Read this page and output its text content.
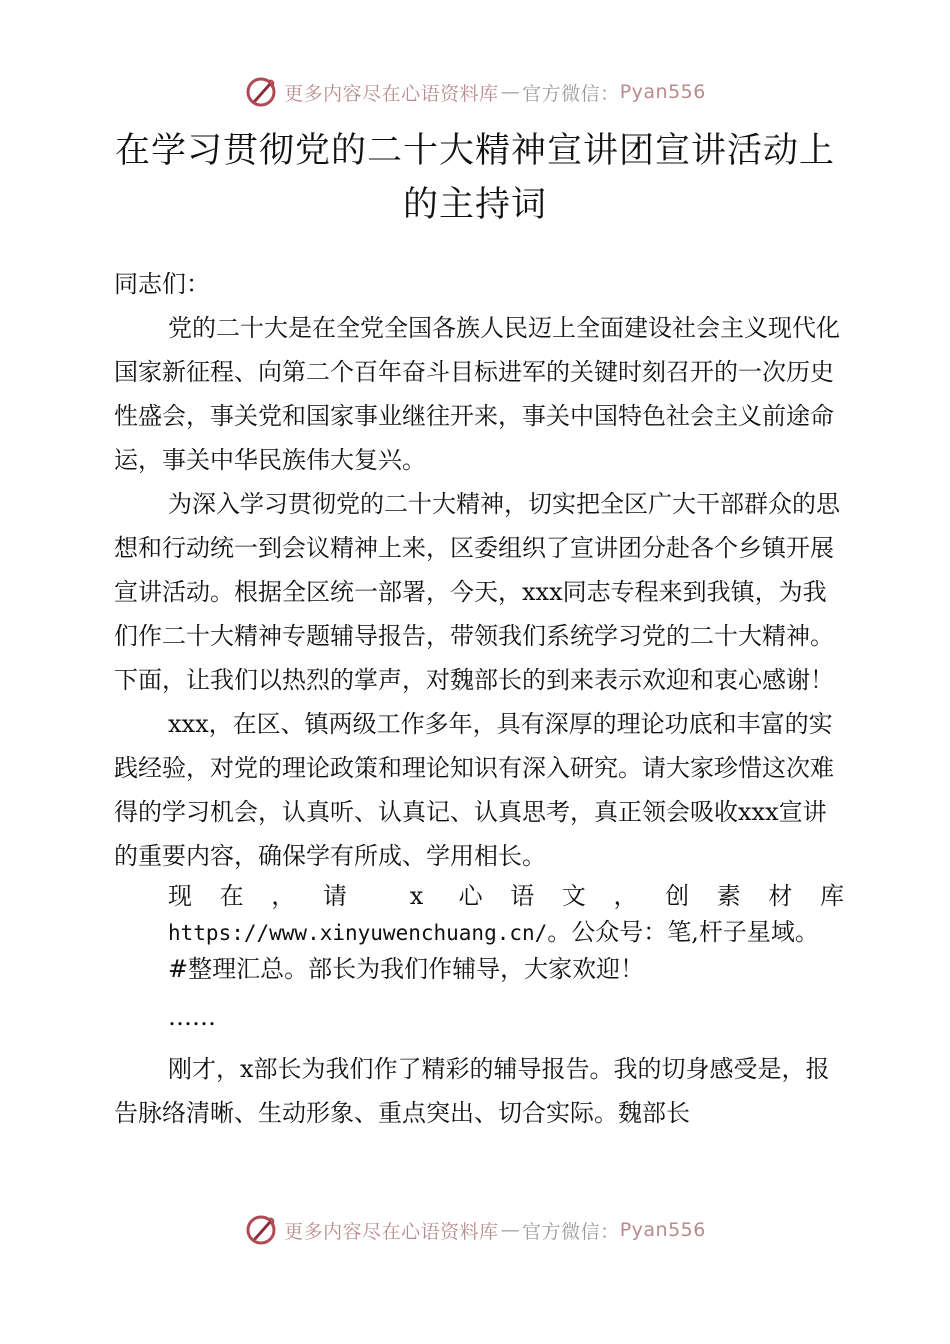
更多内容尽在心语资料库 — 官方微信： Pyan556
在学习贯彻党的二十大精神宣讲团宣讲活动上
的主持词

同志们：

党的二十大是在全党全国各族人民迈上全面建设社会主义现代化国家新征程、向第二个百年奋斗目标进军的关键时刻召开的一次历史性盛会，事关党和国家事业继往开来，事关中国特色社会主义前途命运，事关中华民族伟大复兴。

为深入学习贯彻党的二十大精神，切实把全区广大干部群众的思想和行动统一到会议精神上来，区委组织了宣讲团分赴各个乡镇开展宣讲活动。根据全区统一部署，今天，xxx同志专程来到我镇，为我们作二十大精神专题辅导报告，带领我们系统学习党的二十大精神。下面，让我们以热烈的掌声，对魏部长的到来表示欢迎和衷心感谢！

xxx，在区、镇两级工作多年，具有深厚的理论功底和丰富的实践经验，对党的理论政策和理论知识有深入研究。请大家珍惜这次难得的学习机会，认真听、认真记、认真思考，真正领会吸收xxx宣讲的重要内容，确保学有所成、学用相长。

现在，请 x 心语文，创素材库

https://www.xinyuwenchuang.cn/。公众号：笔,杆子星域。

#整理汇总。部长为我们作辅导，大家欢迎！

……

刚才，x部长为我们作了精彩的辅导报告。我的切身感受是，报告脉络清晰、生动形象、重点突出、切合实际。魏部长

更多内容尽在心语资料库 — 官方微信： Pyan556
